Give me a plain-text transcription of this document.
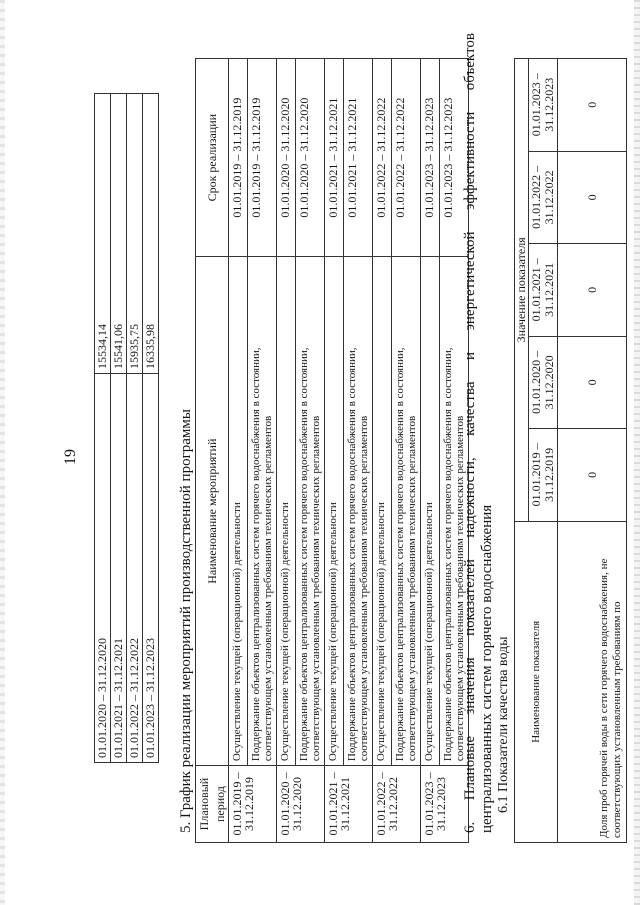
19
01.01.2020 – 31.12.2020	15534,14
01.01.2021 – 31.12.2021	15541,06
01.01.2022 – 31.12.2022	15935,75
01.01.2023 – 31.12.2023	16335,98
5. График реализации мероприятий производственной программы Плановый период	Наименование мероприятий	Срок реализации
01.01.2019 – 31.12.2019	Осуществление текущей (операционной) деятельности	01.01.2019 – 31.12.2019
	Поддержание объектов централизованных систем горячего водоснабжения в состоянии, соответствующем установленным требованиям технических регламентов	01.01.2019 – 31.12.2019
01.01.2020 – 31.12.2020	Осуществление текущей (операционной) деятельности	01.01.2020 – 31.12.2020
	Поддержание объектов централизованных систем горячего водоснабжения в состоянии, соответствующем установленным требованиям технических регламентов	01.01.2020 – 31.12.2020
01.01.2021 – 31.12.2021	Осуществление текущей (операционной) деятельности	01.01.2021 – 31.12.2021
	Поддержание объектов централизованных систем горячего водоснабжения в состоянии, соответствующем установленным требованиям технических регламентов	01.01.2021 – 31.12.2021
01.01.2022 – 31.12.2022	Осуществление текущей (операционной) деятельности	01.01.2022 – 31.12.2022
	Поддержание объектов централизованных систем горячего водоснабжения в состоянии, соответствующем установленным требованиям технических регламентов	01.01.2022 – 31.12.2022
01.01.2023 – 31.12.2023	Осуществление текущей (операционной) деятельности	01.01.2023 – 31.12.2023
	Поддержание объектов централизованных систем горячего водоснабжения в состоянии, соответствующем установленным требованиям технических регламентов	01.01.2023 – 31.12.2023
6.
Плановые
значения
показателей
надежности,
качества
и
энергетической
эффективности
объектов
централизованных систем горячего водоснабжения 6.1 Показатели качества воды Наименование показателя	Значение показателя				
	01.01.2019 – 31.12.2019	01.01.2020 – 31.12.2020	01.01.2021 – 31.12.2021	01.01.2022 – 31.12.2022	01.01.2023 – 31.12.2023
Доля проб горячей воды в сети горячего водоснабжения, не соответствующих установленным требованиям по	0	0	0	0	0
